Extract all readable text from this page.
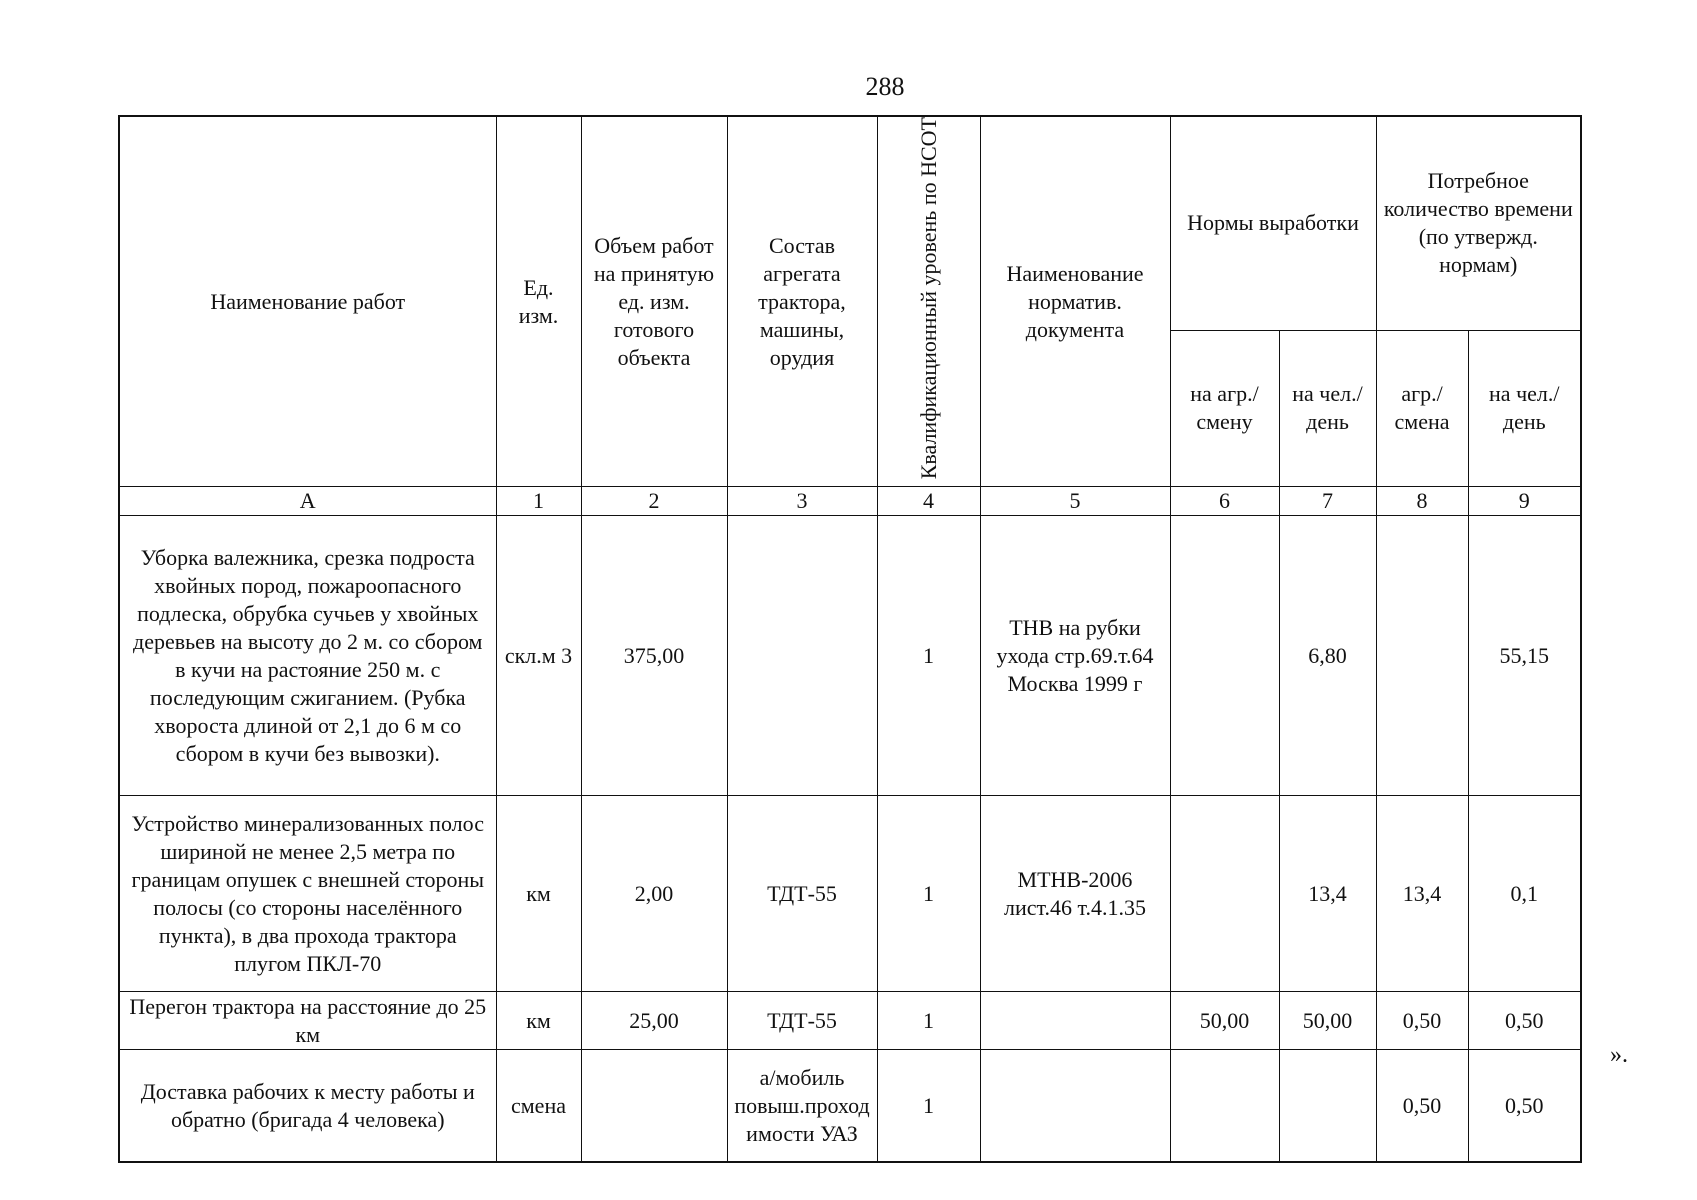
288
Наименование работ	Ед. изм.	Объем работ на принятую ед. изм. готового объекта	Состав агрегата трактора, машины, орудия	Квалификационный уровень по НСОТ	Наименование норматив. документа	Нормы выработки		Потребное количество времени (по утвержд. нормам)	
						на агр./ смену	на чел./ день	агр./ смена	на чел./ день
А	1	2	3	4	5	6	7	8	9
Уборка валежника, срезка подроста хвойных пород, пожароопасного подлеска, обрубка сучьев у хвойных деревьев на высоту до 2 м. со сбором в кучи на растояние 250 м. с последующим сжиганием. (Рубка хвороста длиной от 2,1 до 6 м со сбором в кучи без вывозки).	скл.м 3	375,00		1	ТНВ на рубки ухода стр.69.т.64 Москва 1999 г		6,80		55,15
Устройство минерализованных полос шириной не менее 2,5 метра по границам опушек с внешней стороны полосы (со стороны населённого пункта), в два прохода трактора плугом ПКЛ-70	км	2,00	ТДТ-55	1	МТНВ-2006 лист.46 т.4.1.35		13,4	13,4	0,1
Перегон трактора на расстояние до 25 км	км	25,00	ТДТ-55	1		50,00	50,00	0,50	0,50
Доставка рабочих к месту работы и обратно (бригада 4 человека)	смена		а/мобиль повыш.проходимости УАЗ	1				0,50	0,50
».
